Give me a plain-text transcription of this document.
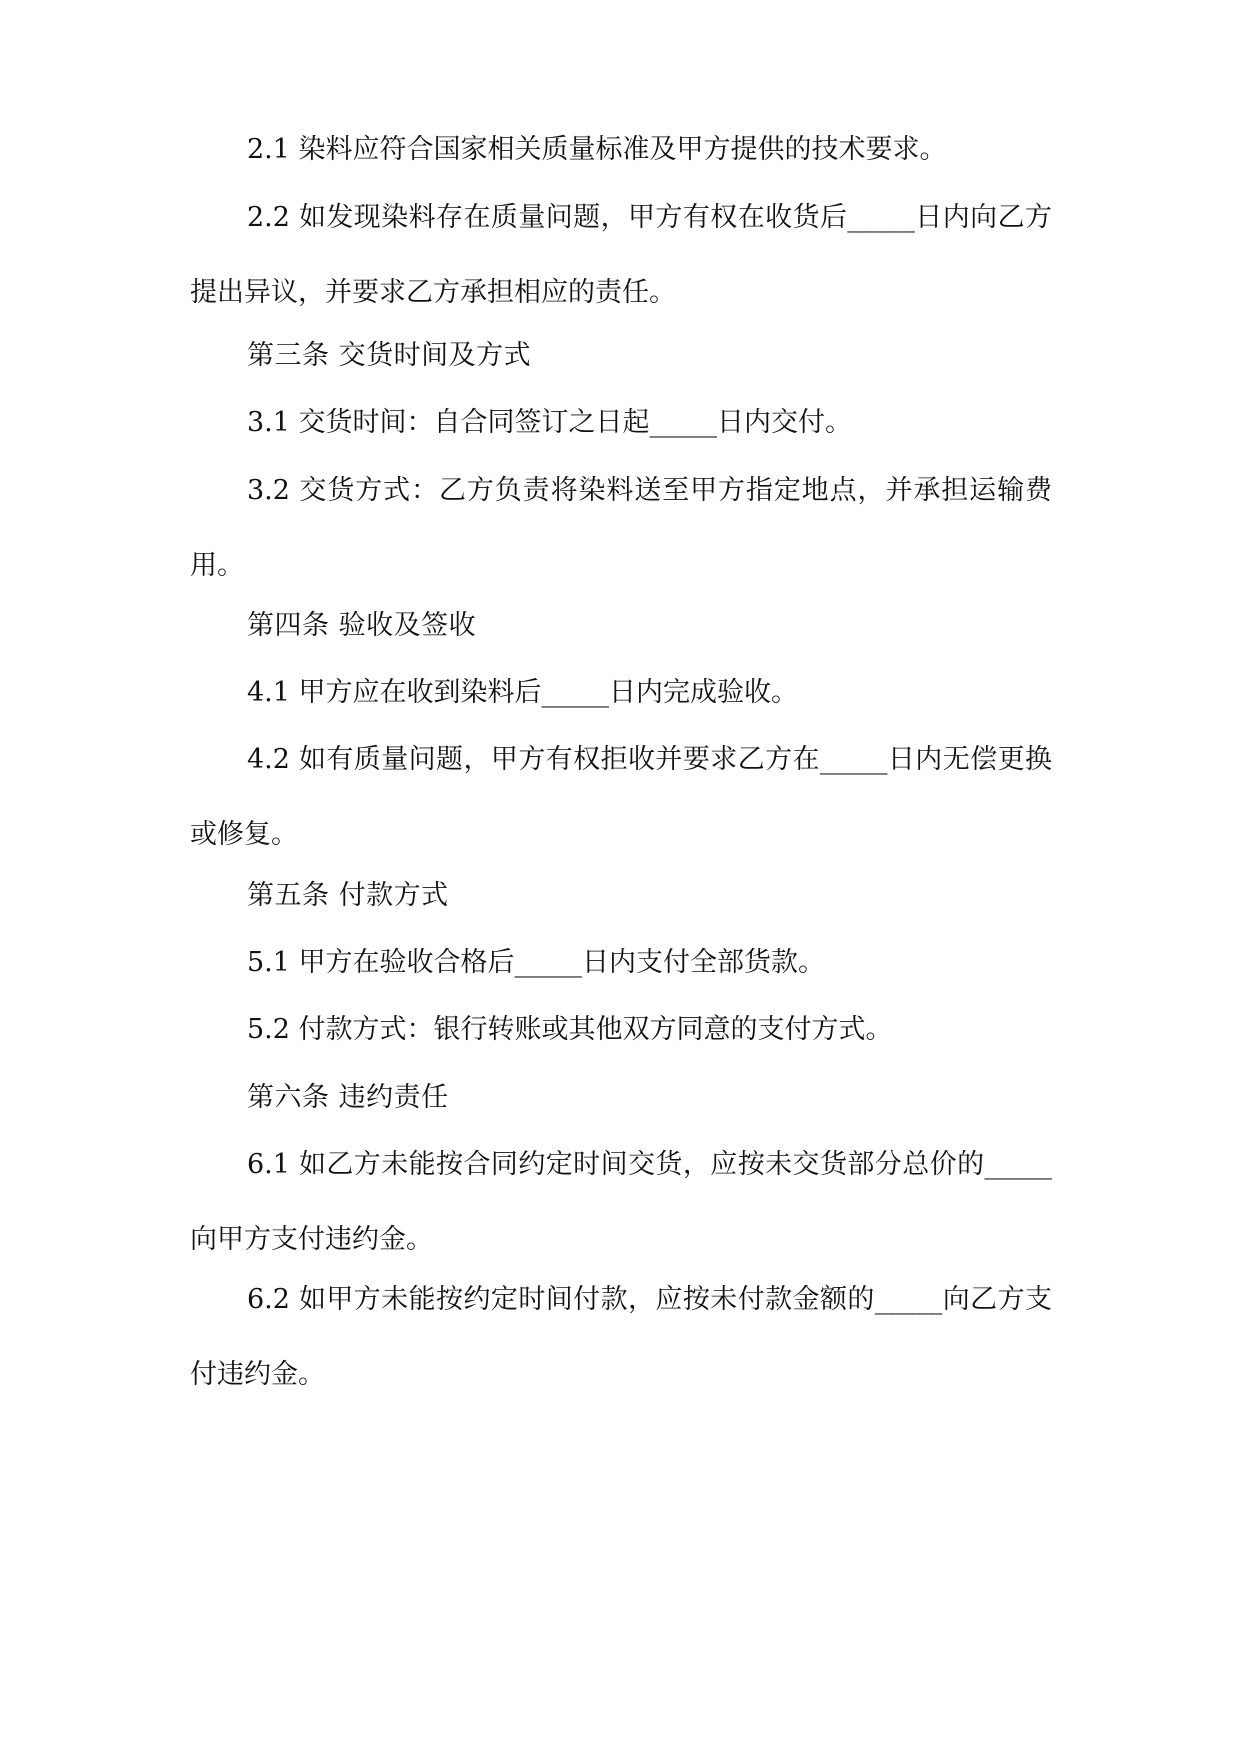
2.1 染料应符合国家相关质量标准及甲方提供的技术要求。

2.2 如发现染料存在质量问题，甲方有权在收货后_____日内向乙方提出异议，并要求乙方承担相应的责任。

第三条 交货时间及方式

3.1 交货时间：自合同签订之日起_____日内交付。

3.2 交货方式：乙方负责将染料送至甲方指定地点，并承担运输费用。

第四条 验收及签收

4.1 甲方应在收到染料后_____日内完成验收。

4.2 如有质量问题，甲方有权拒收并要求乙方在_____日内无偿更换或修复。

第五条 付款方式

5.1 甲方在验收合格后_____日内支付全部货款。

5.2 付款方式：银行转账或其他双方同意的支付方式。

第六条 违约责任

6.1 如乙方未能按合同约定时间交货，应按未交货部分总价的_____向甲方支付违约金。

6.2 如甲方未能按约定时间付款，应按未付款金额的_____向乙方支付违约金。
